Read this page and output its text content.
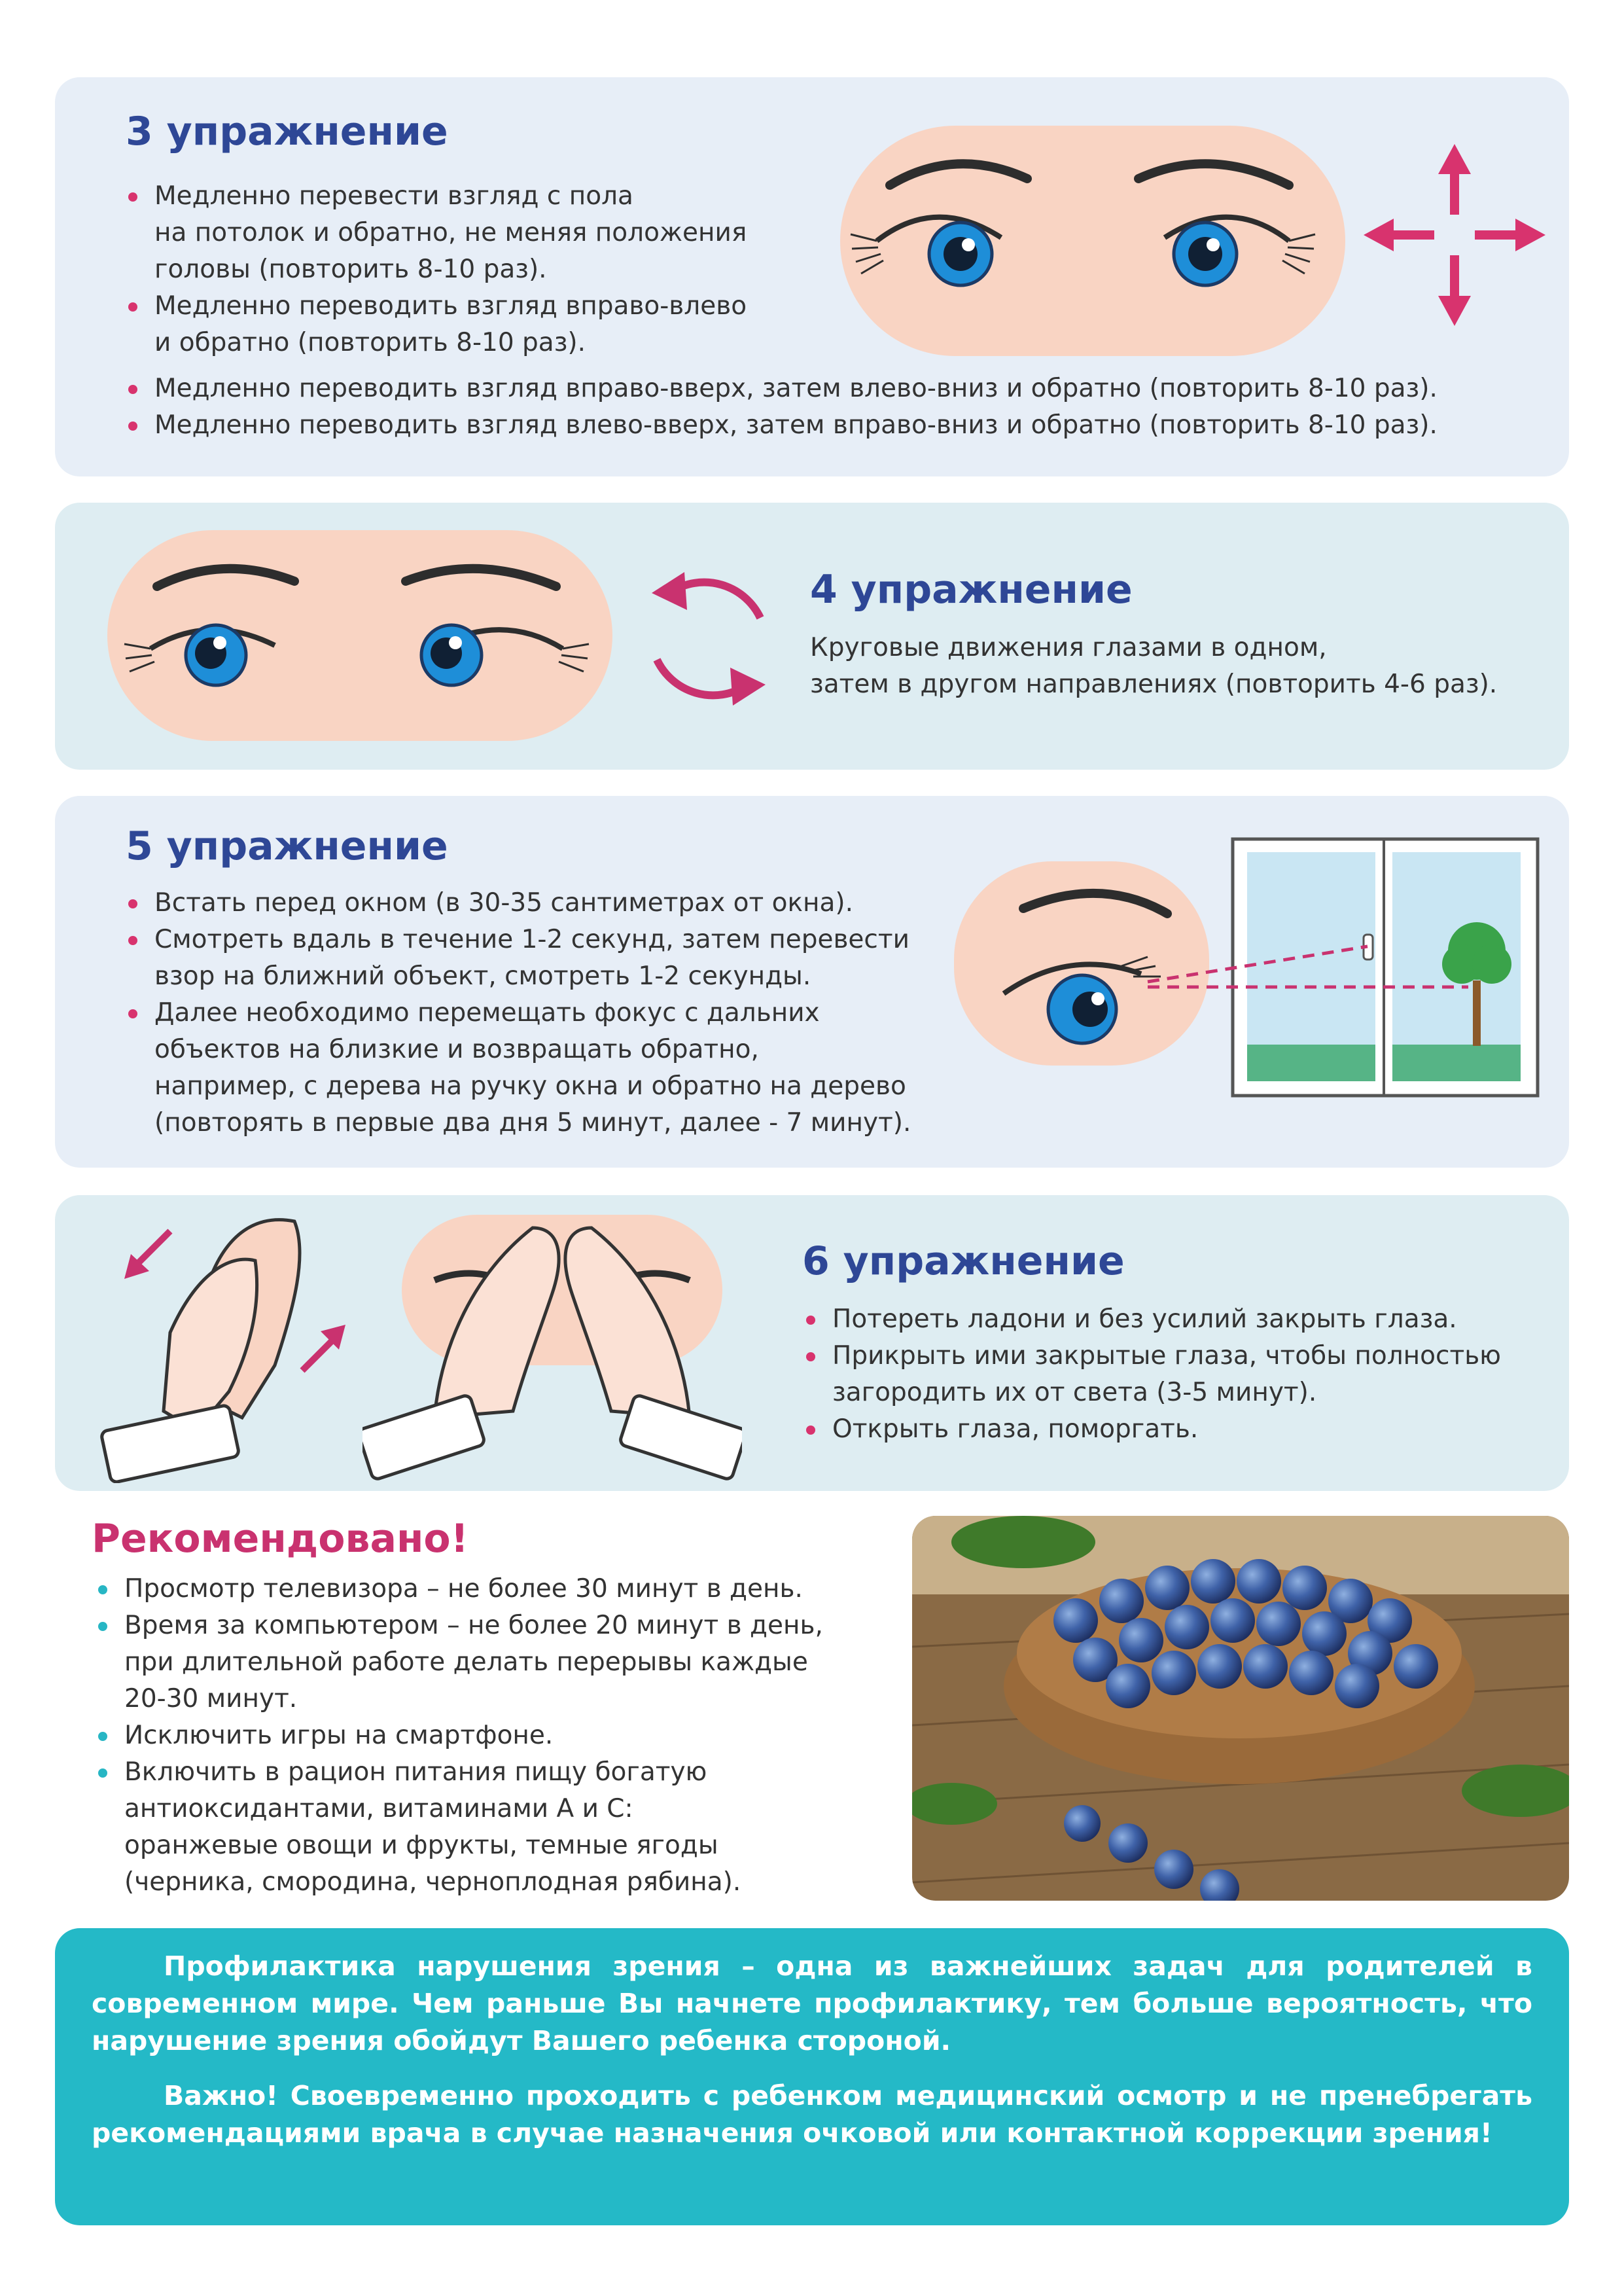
3 упражнение
Медленно перевести взгляд с пола
на потолок и обратно, не меняя положения
головы (повторить 8-10 раз).
Медленно переводить взгляд вправо-влево
и обратно (повторить 8-10 раз).
Медленно переводить взгляд вправо-вверх, затем влево-вниз и обратно (повторить 8-10 раз).
Медленно переводить взгляд влево-вверх, затем вправо-вниз и обратно (повторить 8-10 раз).
4 упражнение

Круговые движения глазами в одном,
затем в другом направлениях (повторить 4-6 раз).

5 упражнение
Встать перед окном (в 30-35 сантиметрах от окна).
Смотреть вдаль в течение 1-2 секунд, затем перевести
взор на ближний объект, смотреть 1-2 секунды.
Далее необходимо перемещать фокус с дальних
объектов на близкие и возвращать обратно,
например, с дерева на ручку окна и обратно на дерево
(повторять в первые два дня 5 минут, далее - 7 минут).
6 упражнение
Потереть ладони и без усилий закрыть глаза.
Прикрыть ими закрытые глаза, чтобы полностью
загородить их от света (3-5 минут).
Открыть глаза, поморгать.
Рекомендовано!
Просмотр телевизора – не более 30 минут в день.
Время за компьютером – не более 20 минут в день,
при длительной работе делать перерывы каждые
20-30 минут.
Исключить игры на смартфоне.
Включить в рацион питания пищу богатую
антиоксидантами, витаминами А и С:
оранжевые овощи и фрукты, темные ягоды
(черника, смородина, черноплодная рябина).

Профилактика нарушения зрения – одна из важнейших задач для родителей в современном мире. Чем раньше Вы начнете профилактику, тем больше вероятность, что нарушение зрения обойдут Вашего ребенка стороной.

Важно! Своевременно проходить с ребенком медицинский осмотр и не пренебрегать рекомендациями врача в случае назначения очковой или контактной коррекции зрения!
